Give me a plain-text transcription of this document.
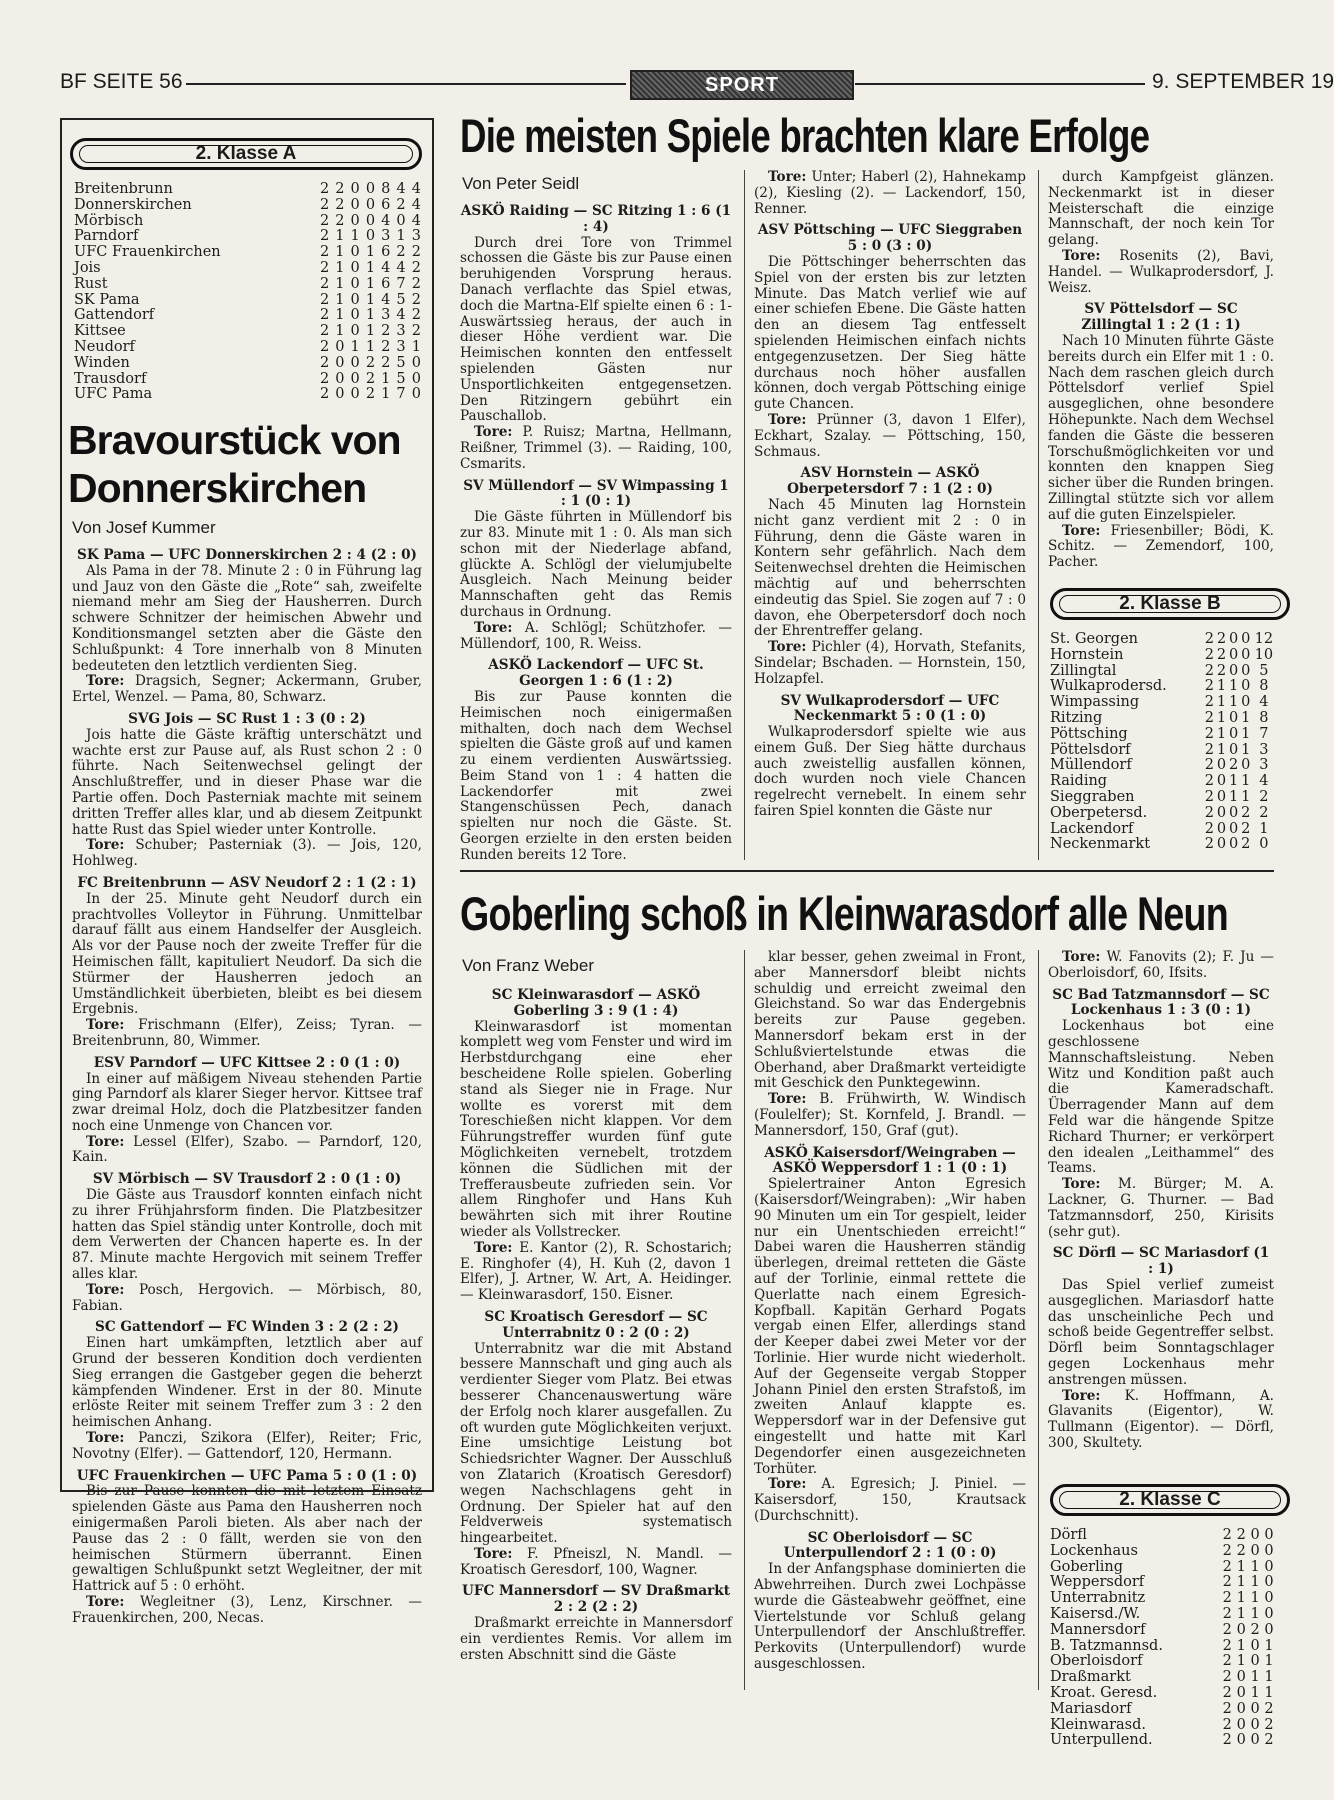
BF SEITE 56	SPORT	9. SEPTEMBER 19
2. Klasse A
Breitenbrunn	2	2	0	0	8	4	4
Donnerskirchen	2	2	0	0	6	2	4
Mörbisch	2	2	0	0	4	0	4
Parndorf	2	1	1	0	3	1	3
UFC Frauenkirchen	2	1	0	1	6	2	2
Jois	2	1	0	1	4	4	2
Rust	2	1	0	1	6	7	2
SK Pama	2	1	0	1	4	5	2
Gattendorf	2	1	0	1	3	4	2
Kittsee	2	1	0	1	2	3	2
Neudorf	2	0	1	1	2	3	1
Winden	2	0	0	2	2	5	0
Trausdorf	2	0	0	2	1	5	0
UFC Pama	2	0	0	2	1	7	0
Bravourstück von
Donnerskirchen
Von Josef Kummer

SK Pama — UFC Donnerskirchen 2 : 4 (2 : 0)

Als Pama in der 78. Minute 2 : 0 in Führung lag und Jauz von den Gäste die „Rote“ sah, zweifelte niemand mehr am Sieg der Hausherren. Durch schwere Schnitzer der heimischen Abwehr und Konditionsmangel setzten aber die Gäste den Schlußpunkt: 4 Tore innerhalb von 8 Minuten bedeuteten den letztlich verdienten Sieg.

Tore: Dragsich, Segner; Ackermann, Gruber, Ertel, Wenzel. — Pama, 80, Schwarz.

SVG Jois — SC Rust 1 : 3 (0 : 2)

Jois hatte die Gäste kräftig unterschätzt und wachte erst zur Pause auf, als Rust schon 2 : 0 führte. Nach Seitenwechsel gelingt der Anschlußtreffer, und in dieser Phase war die Partie offen. Doch Pasterniak machte mit seinem dritten Treffer alles klar, und ab diesem Zeitpunkt hatte Rust das Spiel wieder unter Kontrolle.

Tore: Schuber; Pasterniak (3). — Jois, 120, Hohlweg.

FC Breitenbrunn — ASV Neudorf 2 : 1 (2 : 1)

In der 25. Minute geht Neudorf durch ein prachtvolles Volleytor in Führung. Unmittelbar darauf fällt aus einem Handselfer der Ausgleich. Als vor der Pause noch der zweite Treffer für die Heimischen fällt, kapituliert Neudorf. Da sich die Stürmer der Hausherren jedoch an Umständlichkeit überbieten, bleibt es bei diesem Ergebnis.

Tore: Frischmann (Elfer), Zeiss; Tyran. — Breitenbrunn, 80, Wimmer.

ESV Parndorf — UFC Kittsee 2 : 0 (1 : 0)

In einer auf mäßigem Niveau stehenden Partie ging Parndorf als klarer Sieger hervor. Kittsee traf zwar dreimal Holz, doch die Platzbesitzer fanden noch eine Unmenge von Chancen vor.

Tore: Lessel (Elfer), Szabo. — Parndorf, 120, Kain.

SV Mörbisch — SV Trausdorf 2 : 0 (1 : 0)

Die Gäste aus Trausdorf konnten einfach nicht zu ihrer Frühjahrsform finden. Die Platzbesitzer hatten das Spiel ständig unter Kontrolle, doch mit dem Verwerten der Chancen haperte es. In der 87. Minute machte Hergovich mit seinem Treffer alles klar.

Tore: Posch, Hergovich. — Mörbisch, 80, Fabian.

SC Gattendorf — FC Winden 3 : 2 (2 : 2)

Einen hart umkämpften, letztlich aber auf Grund der besseren Kondition doch verdienten Sieg errangen die Gastgeber gegen die beherzt kämpfenden Windener. Erst in der 80. Minute erlöste Reiter mit seinem Treffer zum 3 : 2 den heimischen Anhang.

Tore: Panczi, Szikora (Elfer), Reiter; Fric, Novotny (Elfer). — Gattendorf, 120, Hermann.

UFC Frauenkirchen — UFC Pama 5 : 0 (1 : 0)

Bis zur Pause konnten die mit letztem Einsatz spielenden Gäste aus Pama den Hausherren noch einigermaßen Paroli bieten. Als aber nach der Pause das 2 : 0 fällt, werden sie von den heimischen Stürmern überrannt. Einen gewaltigen Schlußpunkt setzt Wegleitner, der mit Hattrick auf 5 : 0 erhöht.

Tore: Wegleitner (3), Lenz, Kirschner. — Frauenkirchen, 200, Necas.

Die meisten Spiele brachten klare Erfolge
Von Peter Seidl

ASKÖ Raiding — SC Ritzing 1 : 6 (1 : 4)

Durch drei Tore von Trimmel schossen die Gäste bis zur Pause einen beruhigenden Vorsprung heraus. Danach verflachte das Spiel etwas, doch die Martna-Elf spielte einen 6 : 1-Auswärtssieg heraus, der auch in dieser Höhe verdient war. Die Heimischen konnten den entfesselt spielenden Gästen nur Unsportlichkeiten entgegensetzen. Den Ritzingern gebührt ein Pauschallob.

Tore: P. Ruisz; Martna, Hellmann, Reißner, Trimmel (3). — Raiding, 100, Csmarits.

SV Müllendorf — SV Wimpassing 1 : 1 (0 : 1)

Die Gäste führten in Müllendorf bis zur 83. Minute mit 1 : 0. Als man sich schon mit der Niederlage abfand, glückte A. Schlögl der vielumjubelte Ausgleich. Nach Meinung beider Mannschaften geht das Remis durchaus in Ordnung.

Tore: A. Schlögl; Schützhofer. — Müllendorf, 100, R. Weiss.

ASKÖ Lackendorf — UFC St. Georgen 1 : 6 (1 : 2)

Bis zur Pause konnten die Heimischen noch einigermaßen mithalten, doch nach dem Wechsel spielten die Gäste groß auf und kamen zu einem verdienten Auswärtssieg. Beim Stand von 1 : 4 hatten die Lackendorfer mit zwei Stangenschüssen Pech, danach spielten nur noch die Gäste. St. Georgen erzielte in den ersten beiden Runden bereits 12 Tore.

Tore: Unter; Haberl (2), Hahnekamp (2), Kiesling (2). — Lackendorf, 150, Renner.

ASV Pöttsching — UFC Sieggraben 5 : 0 (3 : 0)

Die Pöttschinger beherrschten das Spiel von der ersten bis zur letzten Minute. Das Match verlief wie auf einer schiefen Ebene. Die Gäste hatten den an diesem Tag entfesselt spielenden Heimischen einfach nichts entgegenzusetzen. Der Sieg hätte durchaus noch höher ausfallen können, doch vergab Pöttsching einige gute Chancen.

Tore: Prünner (3, davon 1 Elfer), Eckhart, Szalay. — Pöttsching, 150, Schmaus.

ASV Hornstein — ASKÖ Oberpetersdorf 7 : 1 (2 : 0)

Nach 45 Minuten lag Hornstein nicht ganz verdient mit 2 : 0 in Führung, denn die Gäste waren in Kontern sehr gefährlich. Nach dem Seitenwechsel drehten die Heimischen mächtig auf und beherrschten eindeutig das Spiel. Sie zogen auf 7 : 0 davon, ehe Oberpetersdorf doch noch der Ehrentreffer gelang.

Tore: Pichler (4), Horvath, Stefanits, Sindelar; Bschaden. — Hornstein, 150, Holzapfel.

SV Wulkaprodersdorf — UFC Neckenmarkt 5 : 0 (1 : 0)

Wulkaprodersdorf spielte wie aus einem Guß. Der Sieg hätte durchaus auch zweistellig ausfallen können, doch wurden noch viele Chancen regelrecht vernebelt. In einem sehr fairen Spiel konnten die Gäste nur

durch Kampfgeist glänzen. Neckenmarkt ist in dieser Meisterschaft die einzige Mannschaft, der noch kein Tor gelang.

Tore: Rosenits (2), Bavi, Handel. — Wulkaprodersdorf, J. Weisz.

SV Pöttelsdorf — SC Zillingtal 1 : 2 (1 : 1)

Nach 10 Minuten führte Gäste bereits durch ein Elfer mit 1 : 0. Nach dem raschen gleich durch Pöttelsdorf verlief Spiel ausgeglichen, ohne besondere Höhepunkte. Nach dem Wechsel fanden die Gäste die besseren Torschußmöglichkeiten vor und konnten den knappen Sieg sicher über die Runden bringen. Zillingtal stützte sich vor allem auf die guten Einzelspieler.

Tore: Friesenbiller; Bödi, K. Schitz. — Zemendorf, 100, Pacher.

2. Klasse B
St. Georgen	2	2	0	0	12
Hornstein	2	2	0	0	10
Zillingtal	2	2	0	0	5
Wulkaprodersd.	2	1	1	0	8
Wimpassing	2	1	1	0	4
Ritzing	2	1	0	1	8
Pöttsching	2	1	0	1	7
Pöttelsdorf	2	1	0	1	3
Müllendorf	2	0	2	0	3
Raiding	2	0	1	1	4
Sieggraben	2	0	1	1	2
Oberpetersd.	2	0	0	2	2
Lackendorf	2	0	0	2	1
Neckenmarkt	2	0	0	2	0
Goberling schoß in Kleinwarasdorf alle Neun
Von Franz Weber

SC Kleinwarasdorf — ASKÖ Goberling 3 : 9 (1 : 4)

Kleinwarasdorf ist momentan komplett weg vom Fenster und wird im Herbstdurchgang eine eher bescheidene Rolle spielen. Goberling stand als Sieger nie in Frage. Nur wollte es vorerst mit dem Toreschießen nicht klappen. Vor dem Führungstreffer wurden fünf gute Möglichkeiten vernebelt, trotzdem können die Südlichen mit der Trefferausbeute zufrieden sein. Vor allem Ringhofer und Hans Kuh bewährten sich mit ihrer Routine wieder als Vollstrecker.

Tore: E. Kantor (2), R. Schostarich; E. Ringhofer (4), H. Kuh (2, davon 1 Elfer), J. Artner, W. Art, A. Heidinger. — Kleinwarasdorf, 150. Eisner.

SC Kroatisch Geresdorf — SC Unterrabnitz 0 : 2 (0 : 2)

Unterrabnitz war die mit Abstand bessere Mannschaft und ging auch als verdienter Sieger vom Platz. Bei etwas besserer Chancenauswertung wäre der Erfolg noch klarer ausgefallen. Zu oft wurden gute Möglichkeiten verjuxt. Eine umsichtige Leistung bot Schiedsrichter Wagner. Der Ausschluß von Zlatarich (Kroatisch Geresdorf) wegen Nachschlagens geht in Ordnung. Der Spieler hat auf den Feldverweis systematisch hingearbeitet.

Tore: F. Pfneiszl, N. Mandl. — Kroatisch Geresdorf, 100, Wagner.

UFC Mannersdorf — SV Draßmarkt 2 : 2 (2 : 2)

Draßmarkt erreichte in Mannersdorf ein verdientes Remis. Vor allem im ersten Abschnitt sind die Gäste

klar besser, gehen zweimal in Front, aber Mannersdorf bleibt nichts schuldig und erreicht zweimal den Gleichstand. So war das Endergebnis bereits zur Pause gegeben. Mannersdorf bekam erst in der Schlußviertelstunde etwas die Oberhand, aber Draßmarkt verteidigte mit Geschick den Punktegewinn.

Tore: B. Frühwirth, W. Windisch (Foulelfer); St. Kornfeld, J. Brandl. — Mannersdorf, 150, Graf (gut).

ASKÖ Kaisersdorf/Weingraben — ASKÖ Weppersdorf 1 : 1 (0 : 1)

Spielertrainer Anton Egresich (Kaisersdorf/Weingraben): „Wir haben 90 Minuten um ein Tor gespielt, leider nur ein Unentschieden erreicht!“ Dabei waren die Hausherren ständig überlegen, dreimal retteten die Gäste auf der Torlinie, einmal rettete die Querlatte nach einem Egresich-Kopfball. Kapitän Gerhard Pogats vergab einen Elfer, allerdings stand der Keeper dabei zwei Meter vor der Torlinie. Hier wurde nicht wiederholt. Auf der Gegenseite vergab Stopper Johann Piniel den ersten Strafstoß, im zweiten Anlauf klappte es. Weppersdorf war in der Defensive gut eingestellt und hatte mit Karl Degendorfer einen ausgezeichneten Torhüter.

Tore: A. Egresich; J. Piniel. — Kaisersdorf, 150, Krautsack (Durchschnitt).

SC Oberloisdorf — SC Unterpullendorf 2 : 1 (0 : 0)

In der Anfangsphase dominierten die Abwehrreihen. Durch zwei Lochpässe wurde die Gästeabwehr geöffnet, eine Viertelstunde vor Schluß gelang Unterpullendorf der Anschlußtreffer. Perkovits (Unterpullendorf) wurde ausgeschlossen.

Tore: W. Fanovits (2); F. Ju — Oberloisdorf, 60, Ifsits.

SC Bad Tatzmannsdorf — SC Lockenhaus 1 : 3 (0 : 1)

Lockenhaus bot eine geschlossene Mannschaftsleistung. Neben Witz und Kondition paßt auch die Kameradschaft. Überragender Mann auf dem Feld war die hängende Spitze Richard Thurner; er verkörpert den idealen „Leithammel“ des Teams.

Tore: M. Bürger; M. A. Lackner, G. Thurner. — Bad Tatzmannsdorf, 250, Kirisits (sehr gut).

SC Dörfl — SC Mariasdorf (1 : 1)

Das Spiel verlief zumeist ausgeglichen. Mariasdorf hatte das unscheinliche Pech und schoß beide Gegentreffer selbst. Dörfl beim Sonntagschlager gegen Lockenhaus mehr anstrengen müssen.

Tore: K. Hoffmann, A. Glavanits (Eigentor), W. Tullmann (Eigentor). — Dörfl, 300, Skultety.

2. Klasse C
Dörfl	2	2	0	0
Lockenhaus	2	2	0	0
Goberling	2	1	1	0
Weppersdorf	2	1	1	0
Unterrabnitz	2	1	1	0
Kaisersd./W.	2	1	1	0
Mannersdorf	2	0	2	0
B. Tatzmannsd.	2	1	0	1
Oberloisdorf	2	1	0	1
Draßmarkt	2	0	1	1
Kroat. Geresd.	2	0	1	1
Mariasdorf	2	0	0	2
Kleinwarasd.	2	0	0	2
Unterpullend.	2	0	0	2
